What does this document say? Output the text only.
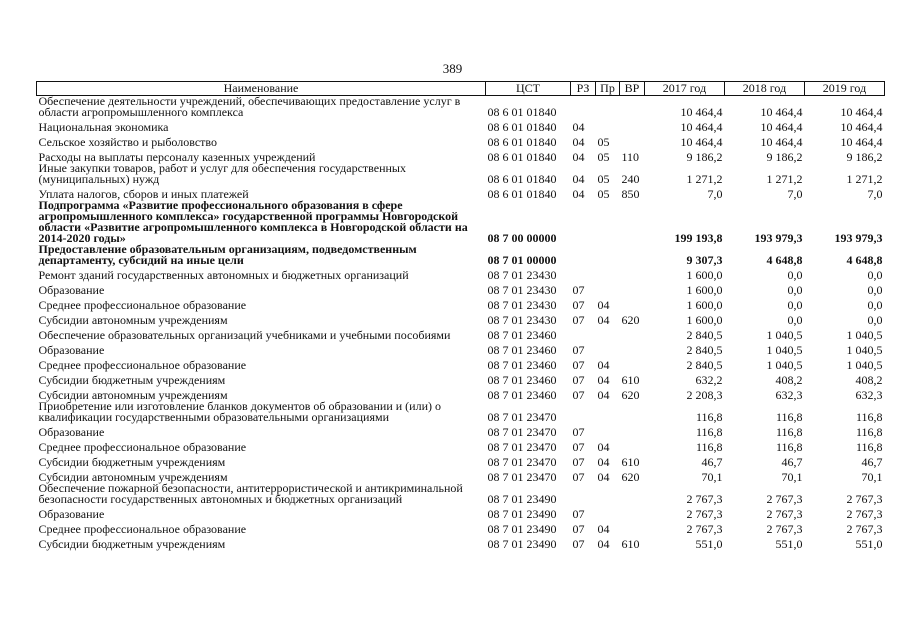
389
Наименование	ЦСТ	РЗ	Пр	ВР	2017 год	2018 год	2019 год
Обеспечение деятельности учреждений, обеспечивающих предоставление услуг в области агропромышленного комплекса	08 6 01 01840				10 464,4	10 464,4	10 464,4
Национальная экономика	08 6 01 01840	04			10 464,4	10 464,4	10 464,4
Сельское хозяйство и рыболовство	08 6 01 01840	04	05		10 464,4	10 464,4	10 464,4
Расходы на выплаты персоналу казенных учреждений	08 6 01 01840	04	05	110	9 186,2	9 186,2	9 186,2
Иные закупки товаров, работ и услуг для обеспечения государственных (муниципальных) нужд	08 6 01 01840	04	05	240	1 271,2	1 271,2	1 271,2
Уплата налогов, сборов и иных платежей	08 6 01 01840	04	05	850	7,0	7,0	7,0
Подпрограмма «Развитие профессионального образования в сфере агропромышленного комплекса» государственной программы Новгородской области «Развитие агропромышленного комплекса в Новгородской области на 2014-2020 годы»	08 7 00 00000				199 193,8	193 979,3	193 979,3
Предоставление образовательным организациям, подведомственным департаменту, субсидий на иные цели	08 7 01 00000				9 307,3	4 648,8	4 648,8
Ремонт зданий государственных автономных и бюджетных организаций	08 7 01 23430				1 600,0	0,0	0,0
Образование	08 7 01 23430	07			1 600,0	0,0	0,0
Среднее профессиональное образование	08 7 01 23430	07	04		1 600,0	0,0	0,0
Субсидии автономным учреждениям	08 7 01 23430	07	04	620	1 600,0	0,0	0,0
Обеспечение образовательных организаций учебниками и учебными пособиями	08 7 01 23460				2 840,5	1 040,5	1 040,5
Образование	08 7 01 23460	07			2 840,5	1 040,5	1 040,5
Среднее профессиональное образование	08 7 01 23460	07	04		2 840,5	1 040,5	1 040,5
Субсидии бюджетным учреждениям	08 7 01 23460	07	04	610	632,2	408,2	408,2
Субсидии автономным учреждениям	08 7 01 23460	07	04	620	2 208,3	632,3	632,3
Приобретение или изготовление бланков документов об образовании и (или) о квалификации государственными образовательными организациями	08 7 01 23470				116,8	116,8	116,8
Образование	08 7 01 23470	07			116,8	116,8	116,8
Среднее профессиональное образование	08 7 01 23470	07	04		116,8	116,8	116,8
Субсидии бюджетным учреждениям	08 7 01 23470	07	04	610	46,7	46,7	46,7
Субсидии автономным учреждениям	08 7 01 23470	07	04	620	70,1	70,1	70,1
Обеспечение пожарной безопасности, антитеррористической и антикриминальной безопасности государственных автономных и бюджетных организаций	08 7 01 23490				2 767,3	2 767,3	2 767,3
Образование	08 7 01 23490	07			2 767,3	2 767,3	2 767,3
Среднее профессиональное образование	08 7 01 23490	07	04		2 767,3	2 767,3	2 767,3
Субсидии бюджетным учреждениям	08 7 01 23490	07	04	610	551,0	551,0	551,0
